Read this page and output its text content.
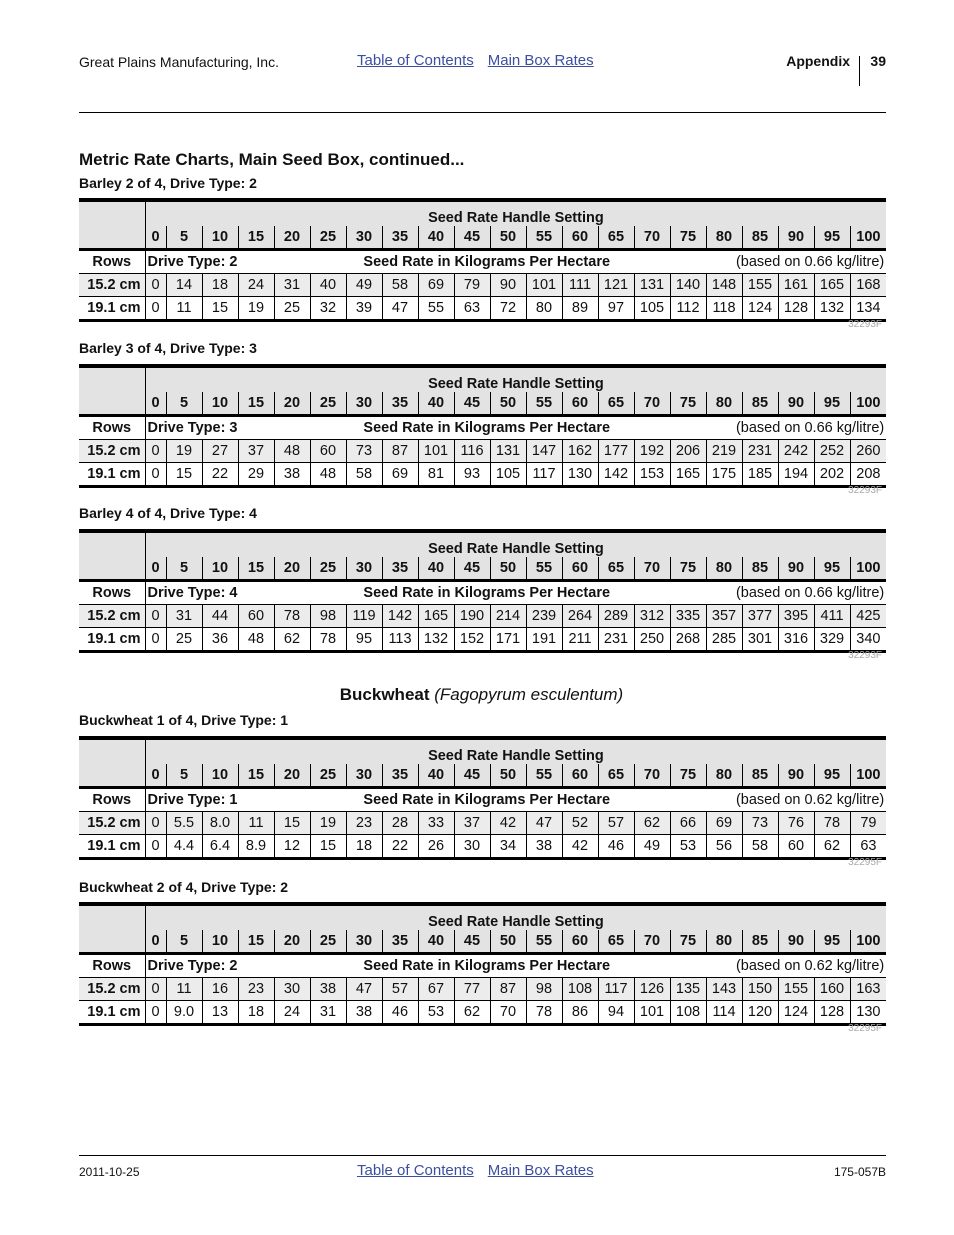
Great Plains Manufacturing, Inc.	Table of Contents Main Box Rates	Appendix 39
Metric Rate Charts, Main Seed Box, continued...
Barley 2 of 4, Drive Type: 2
Barley 3 of 4, Drive Type: 3
Barley 4 of 4, Drive Type: 4
Buckwheat (Fagopyrum esculentum)
Buckwheat 1 of 4, Drive Type: 1
Buckwheat 2 of 4, Drive Type: 2
	Seed Rate Handle Setting																				
	0	5	10	15	20	25	30	35	40	45	50	55	60	65	70	75	80	85	90	95	100
Rows	Drive Type: 2 Seed Rate in Kilograms Per Hectare (based on 0.66 kg/litre)																				

15.2 cm	0	14	18	24	31	40	49	58	69	79	90	101	111	121	131	140	148	155	161	165	168
19.1 cm	0	11	15	19	25	32	39	47	55	63	72	80	89	97	105	112	118	124	128	132	134
32293F
	Seed Rate Handle Setting																				
	0	5	10	15	20	25	30	35	40	45	50	55	60	65	70	75	80	85	90	95	100
Rows	Drive Type: 3 Seed Rate in Kilograms Per Hectare (based on 0.66 kg/litre)																				

15.2 cm	0	19	27	37	48	60	73	87	101	116	131	147	162	177	192	206	219	231	242	252	260
19.1 cm	0	15	22	29	38	48	58	69	81	93	105	117	130	142	153	165	175	185	194	202	208
32293F
	Seed Rate Handle Setting																				
	0	5	10	15	20	25	30	35	40	45	50	55	60	65	70	75	80	85	90	95	100
Rows	Drive Type: 4 Seed Rate in Kilograms Per Hectare (based on 0.66 kg/litre)																				

15.2 cm	0	31	44	60	78	98	119	142	165	190	214	239	264	289	312	335	357	377	395	411	425
19.1 cm	0	25	36	48	62	78	95	113	132	152	171	191	211	231	250	268	285	301	316	329	340
32293F
	Seed Rate Handle Setting																				
	0	5	10	15	20	25	30	35	40	45	50	55	60	65	70	75	80	85	90	95	100
Rows	Drive Type: 1 Seed Rate in Kilograms Per Hectare (based on 0.62 kg/litre)																				

15.2 cm	0	5.5	8.0	11	15	19	23	28	33	37	42	47	52	57	62	66	69	73	76	78	79
19.1 cm	0	4.4	6.4	8.9	12	15	18	22	26	30	34	38	42	46	49	53	56	58	60	62	63
32295F
	Seed Rate Handle Setting																				
	0	5	10	15	20	25	30	35	40	45	50	55	60	65	70	75	80	85	90	95	100
Rows	Drive Type: 2 Seed Rate in Kilograms Per Hectare (based on 0.62 kg/litre)																				

15.2 cm	0	11	16	23	30	38	47	57	67	77	87	98	108	117	126	135	143	150	155	160	163
19.1 cm	0	9.0	13	18	24	31	38	46	53	62	70	78	86	94	101	108	114	120	124	128	130
32295F
2011-10-25	Table of Contents Main Box Rates	175-057B
